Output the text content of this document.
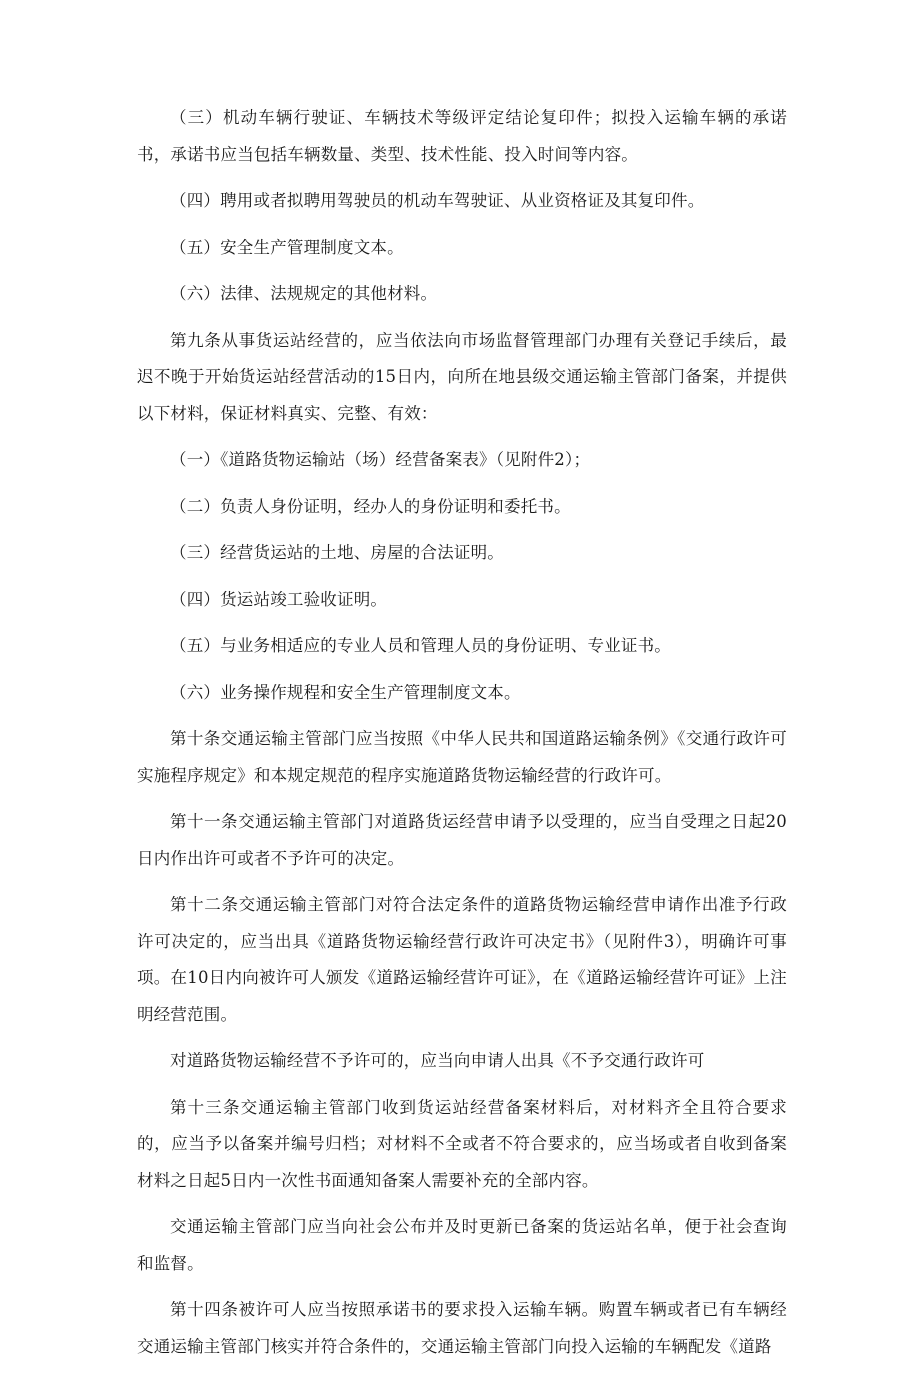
（三）机动车辆行驶证、车辆技术等级评定结论复印件；拟投入运输车辆的承诺书，承诺书应当包括车辆数量、类型、技术性能、投入时间等内容。

（四）聘用或者拟聘用驾驶员的机动车驾驶证、从业资格证及其复印件。

（五）安全生产管理制度文本。

（六）法律、法规规定的其他材料。

第九条从事货运站经营的，应当依法向市场监督管理部门办理有关登记手续后，最迟不晚于开始货运站经营活动的15日内，向所在地县级交通运输主管部门备案，并提供以下材料，保证材料真实、完整、有效：

（一）《道路货物运输站（场）经营备案表》（见附件2）；

（二）负责人身份证明，经办人的身份证明和委托书。

（三）经营货运站的土地、房屋的合法证明。

（四）货运站竣工验收证明。

（五）与业务相适应的专业人员和管理人员的身份证明、专业证书。

（六）业务操作规程和安全生产管理制度文本。

第十条交通运输主管部门应当按照《中华人民共和国道路运输条例》《交通行政许可实施程序规定》和本规定规范的程序实施道路货物运输经营的行政许可。

第十一条交通运输主管部门对道路货运经营申请予以受理的，应当自受理之日起20日内作出许可或者不予许可的决定。

第十二条交通运输主管部门对符合法定条件的道路货物运输经营申请作出准予行政许可决定的，应当出具《道路货物运输经营行政许可决定书》（见附件3），明确许可事项。在10日内向被许可人颁发《道路运输经营许可证》，在《道路运输经营许可证》上注明经营范围。

对道路货物运输经营不予许可的，应当向申请人出具《不予交通行政许可

第十三条交通运输主管部门收到货运站经营备案材料后，对材料齐全且符合要求的，应当予以备案并编号归档；对材料不全或者不符合要求的，应当场或者自收到备案材料之日起5日内一次性书面通知备案人需要补充的全部内容。

交通运输主管部门应当向社会公布并及时更新已备案的货运站名单，便于社会查询和监督。

第十四条被许可人应当按照承诺书的要求投入运输车辆。购置车辆或者已有车辆经交通运输主管部门核实并符合条件的，交通运输主管部门向投入运输的车辆配发《道路
